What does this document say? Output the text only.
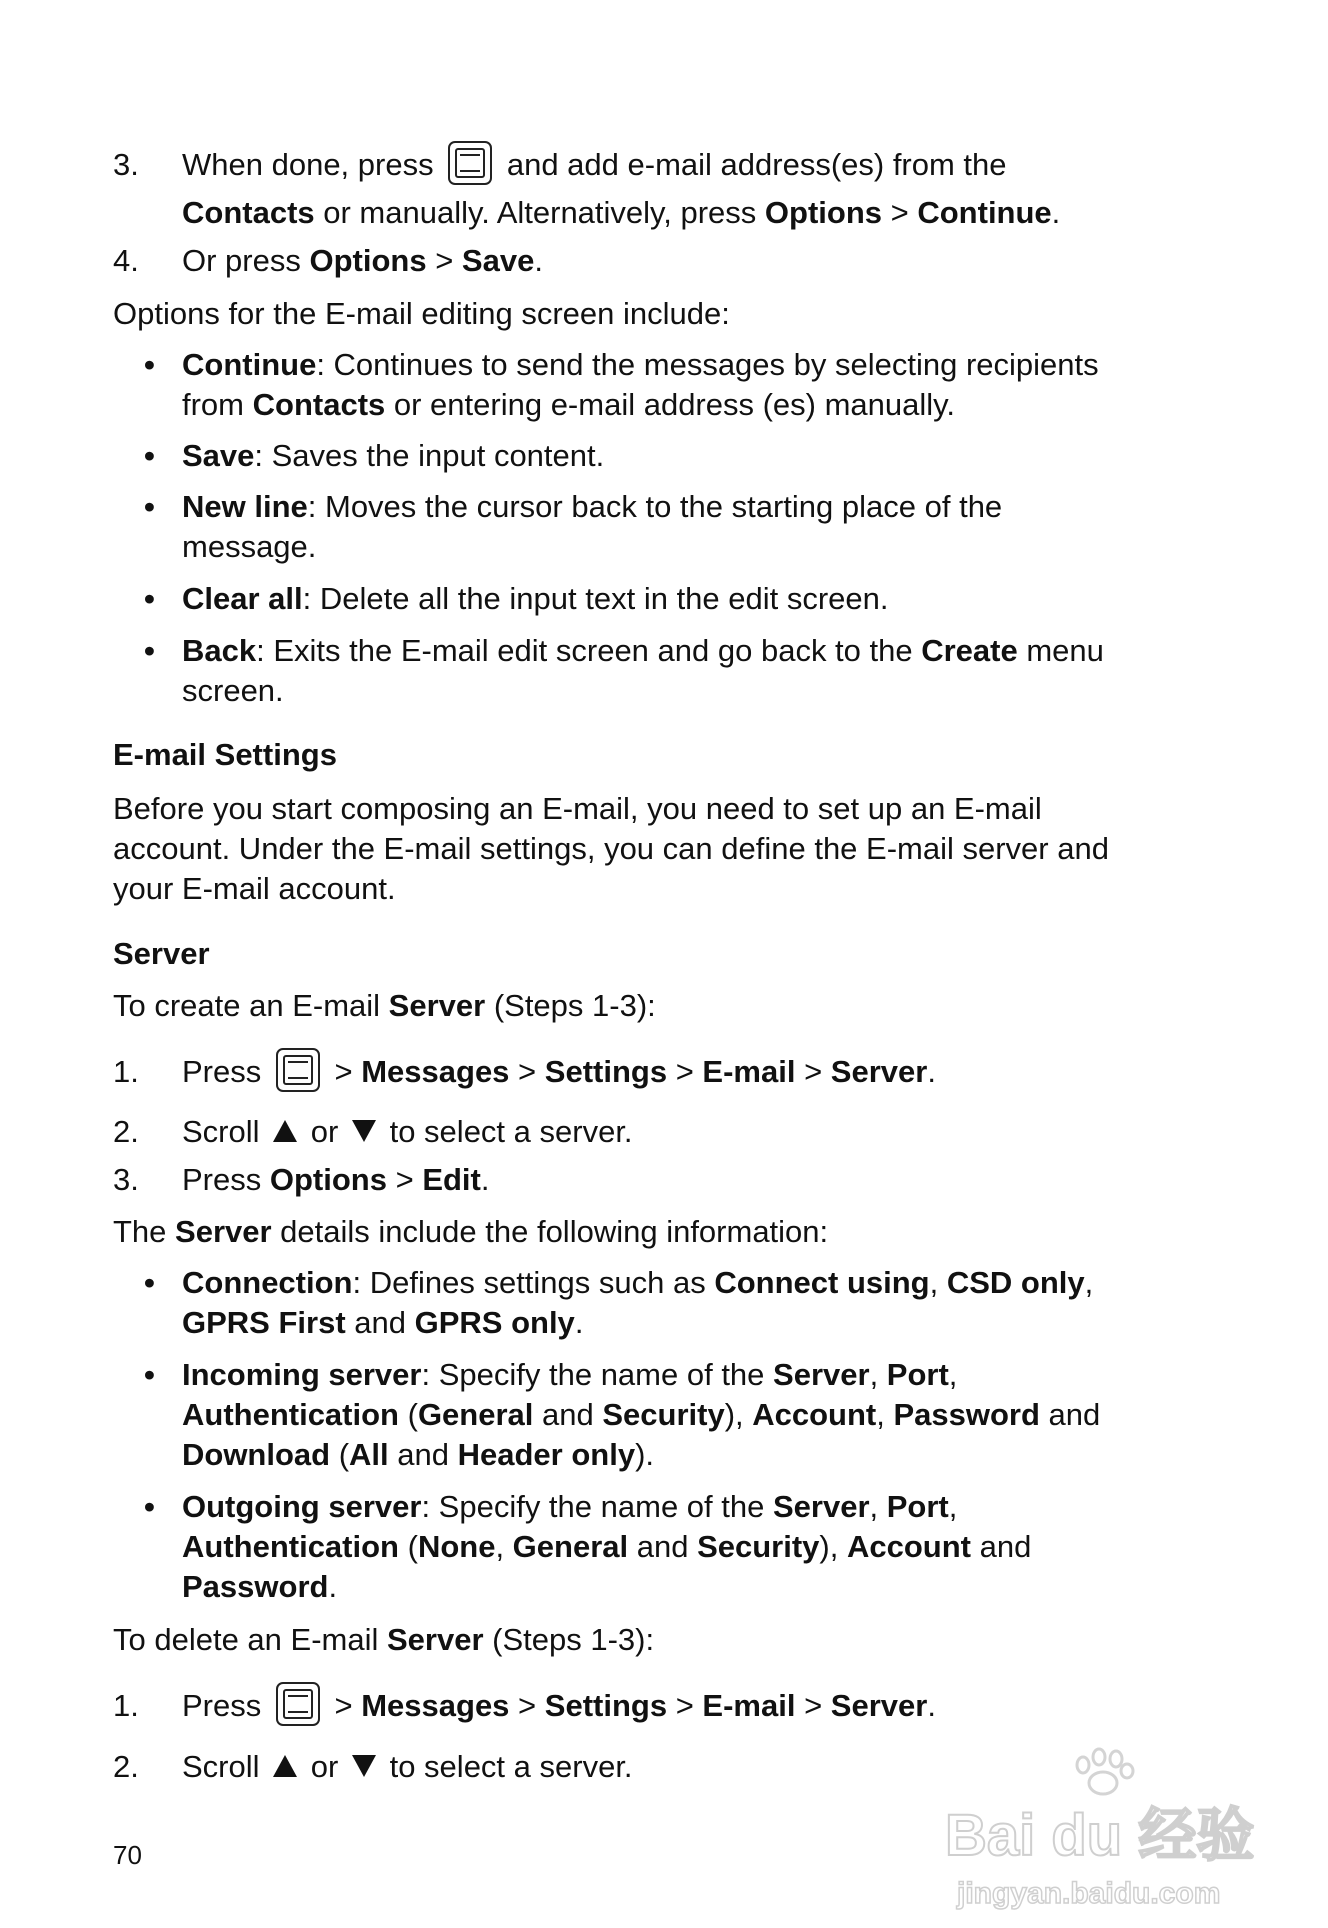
3. When done, press and add e-mail address(es) from the
Contacts or manually. Alternatively, press Options > Continue.
4. Or press Options > Save.
Options for the E-mail editing screen include:
• Continue: Continues to send the messages by selecting recipients
from Contacts or entering e-mail address (es) manually.
• Save: Saves the input content.
• New line: Moves the cursor back to the starting place of the
message.
• Clear all: Delete all the input text in the edit screen.
• Back: Exits the E-mail edit screen and go back to the Create menu
screen.
E-mail Settings
Before you start composing an E-mail, you need to set up an E-mail
account. Under the E-mail settings, you can define the E-mail server and
your E-mail account.
Server
To create an E-mail Server (Steps 1-3):
1. Press  > Messages > Settings > E-mail > Server.
2. Scroll or to select a server.
3. Press Options > Edit.
The Server details include the following information:
• Connection: Defines settings such as Connect using, CSD only,
GPRS First and GPRS only.
• Incoming server: Specify the name of the Server, Port,
Authentication (General and Security), Account, Password and
Download (All and Header only).
• Outgoing server: Specify the name of the Server, Port,
Authentication (None, General and Security), Account and
Password.
To delete an E-mail Server (Steps 1-3):
1. Press  > Messages > Settings > E-mail > Server.
2. Scroll or to select a server.
70	Bai du 经验
jingyan.baidu.com
